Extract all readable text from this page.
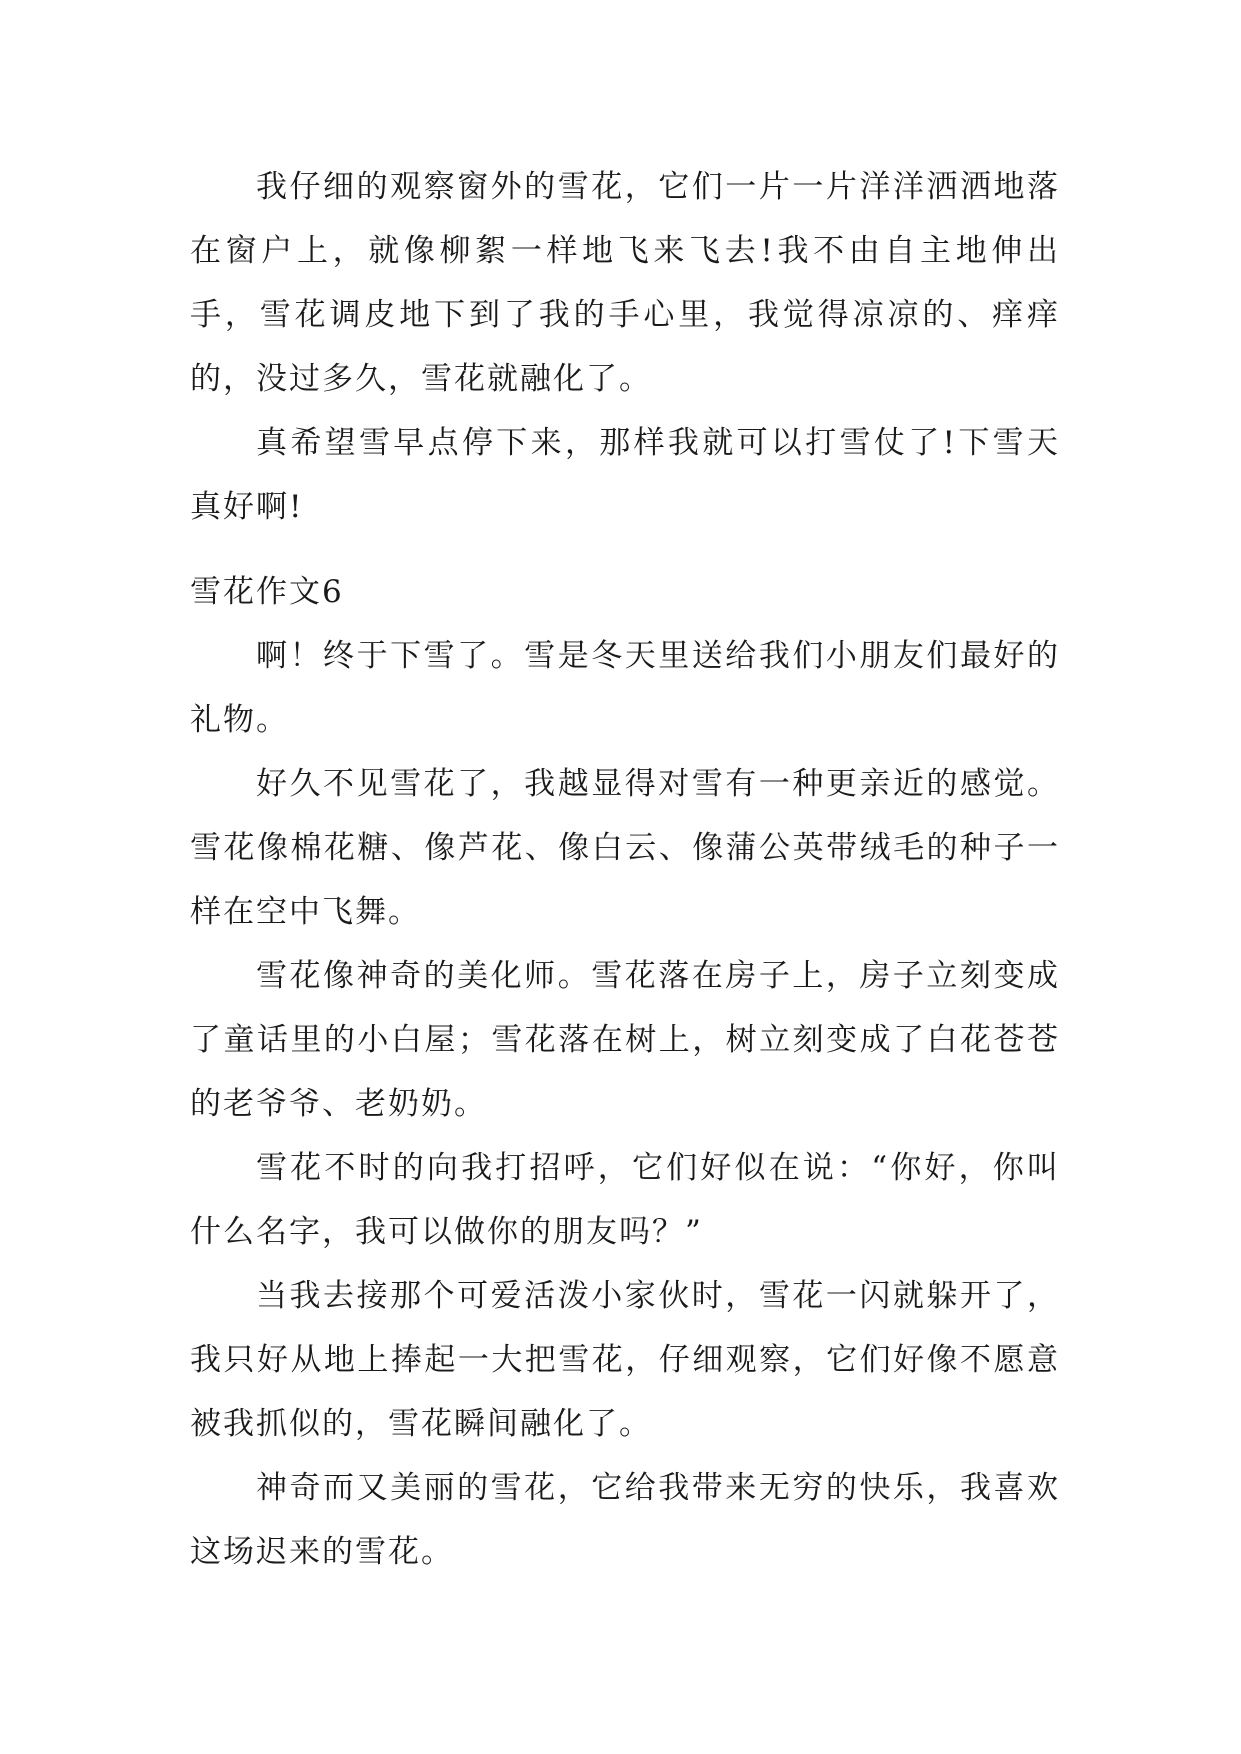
我仔细的观察窗外的雪花，它们一片一片洋洋洒洒地落在窗户上，就像柳絮一样地飞来飞去!我不由自主地伸出手，雪花调皮地下到了我的手心里，我觉得凉凉的、痒痒的，没过多久，雪花就融化了。

真希望雪早点停下来，那样我就可以打雪仗了!下雪天真好啊!

雪花作文6

啊！终于下雪了。雪是冬天里送给我们小朋友们最好的礼物。

好久不见雪花了，我越显得对雪有一种更亲近的感觉。雪花像棉花糖、像芦花、像白云、像蒲公英带绒毛的种子一样在空中飞舞。

雪花像神奇的美化师。雪花落在房子上，房子立刻变成了童话里的小白屋；雪花落在树上，树立刻变成了白花苍苍的老爷爷、老奶奶。

雪花不时的向我打招呼，它们好似在说：“你好，你叫什么名字，我可以做你的朋友吗？”

当我去接那个可爱活泼小家伙时，雪花一闪就躲开了，我只好从地上捧起一大把雪花，仔细观察，它们好像不愿意被我抓似的，雪花瞬间融化了。

神奇而又美丽的雪花，它给我带来无穷的快乐，我喜欢这场迟来的雪花。
